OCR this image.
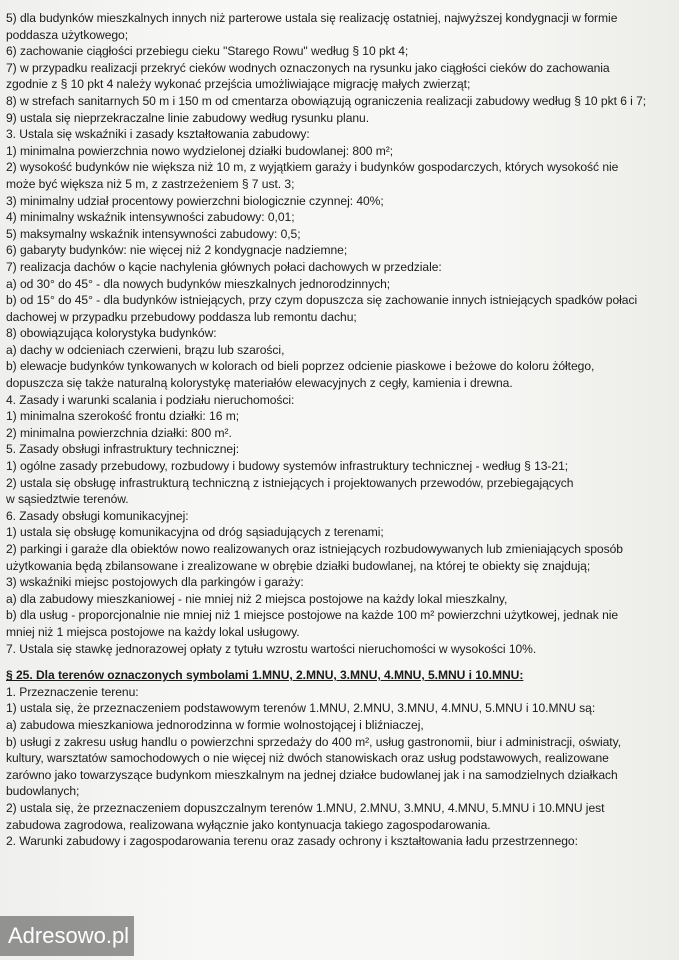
5) dla budynków mieszkalnych innych niż parterowe ustala się realizację ostatniej, najwyższej kondygnacji w formie
poddasza użytkowego;
6) zachowanie ciągłości przebiegu cieku "Starego Rowu" według § 10 pkt 4;
7) w przypadku realizacji przekryć cieków wodnych oznaczonych na rysunku jako ciągłości cieków do zachowania
zgodnie z § 10 pkt 4 należy wykonać przejścia umożliwiające migrację małych zwierząt;
8) w strefach sanitarnych 50 m i 150 m od cmentarza obowiązują ograniczenia realizacji zabudowy według § 10 pkt 6 i 7;
9) ustala się nieprzekraczalne linie zabudowy według rysunku planu.
3. Ustala się wskaźniki i zasady kształtowania zabudowy:
1) minimalna powierzchnia nowo wydzielonej działki budowlanej: 800 m²;
2) wysokość budynków nie większa niż 10 m, z wyjątkiem garaży i budynków gospodarczych, których wysokość nie
może być większa niż 5 m, z zastrzeżeniem § 7 ust. 3;
3) minimalny udział procentowy powierzchni biologicznie czynnej: 40%;
4) minimalny wskaźnik intensywności zabudowy: 0,01;
5) maksymalny wskaźnik intensywności zabudowy: 0,5;
6) gabaryty budynków: nie więcej niż 2 kondygnacje nadziemne;
7) realizacja dachów o kącie nachylenia głównych połaci dachowych w przedziale:
a) od 30° do 45° - dla nowych budynków mieszkalnych jednorodzinnych;
b) od 15° do 45° - dla budynków istniejących, przy czym dopuszcza się zachowanie innych istniejących spadków połaci
dachowej w przypadku przebudowy poddasza lub remontu dachu;
8) obowiązująca kolorystyka budynków:
a) dachy w odcieniach czerwieni, brązu lub szarości,
b) elewacje budynków tynkowanych w kolorach od bieli poprzez odcienie piaskowe i beżowe do koloru żółtego,
dopuszcza się także naturalną kolorystykę materiałów elewacyjnych z cegły, kamienia i drewna.
4. Zasady i warunki scalania i podziału nieruchomości:
1) minimalna szerokość frontu działki: 16 m;
2) minimalna powierzchnia działki: 800 m².
5. Zasady obsługi infrastruktury technicznej:
1) ogólne zasady przebudowy, rozbudowy i budowy systemów infrastruktury technicznej - według § 13-21;
2) ustala się obsługę infrastrukturą techniczną z istniejących i projektowanych przewodów, przebiegających
w sąsiedztwie terenów.
6. Zasady obsługi komunikacyjnej:
1) ustala się obsługę komunikacyjna od dróg sąsiadujących z terenami;
2) parkingi i garaże dla obiektów nowo realizowanych oraz istniejących rozbudowywanych lub zmieniających sposób
użytkowania będą zbilansowane i zrealizowane w obrębie działki budowlanej, na której te obiekty się znajdują;
3) wskaźniki miejsc postojowych dla parkingów i garaży:
a) dla zabudowy mieszkaniowej - nie mniej niż 2 miejsca postojowe na każdy lokal mieszkalny,
b) dla usług - proporcjonalnie nie mniej niż 1 miejsce postojowe na każde 100 m² powierzchni użytkowej, jednak nie
mniej niż 1 miejsca postojowe na każdy lokal usługowy.
7. Ustala się stawkę jednorazowej opłaty z tytułu wzrostu wartości nieruchomości w wysokości 10%.
§ 25. Dla terenów oznaczonych symbolami 1.MNU, 2.MNU, 3.MNU, 4.MNU, 5.MNU i 10.MNU:
1. Przeznaczenie terenu:
1) ustala się, że przeznaczeniem podstawowym terenów 1.MNU, 2.MNU, 3.MNU, 4.MNU, 5.MNU i 10.MNU są:
a) zabudowa mieszkaniowa jednorodzinna w formie wolnostojącej i bliźniaczej,
b) usługi z zakresu usług handlu o powierzchni sprzedaży do 400 m², usług gastronomii, biur i administracji, oświaty,
kultury, warsztatów samochodowych o nie więcej niż dwóch stanowiskach oraz usług podstawowych, realizowane
zarówno jako towarzyszące budynkom mieszkalnym na jednej działce budowlanej jak i na samodzielnych działkach
budowlanych;
2) ustala się, że przeznaczeniem dopuszczalnym terenów 1.MNU, 2.MNU, 3.MNU, 4.MNU, 5.MNU i 10.MNU jest
zabudowa zagrodowa, realizowana wyłącznie jako kontynuacja takiego zagospodarowania.
2. Warunki zabudowy i zagospodarowania terenu oraz zasady ochrony i kształtowania ładu przestrzennego:
Adresowo.pl
